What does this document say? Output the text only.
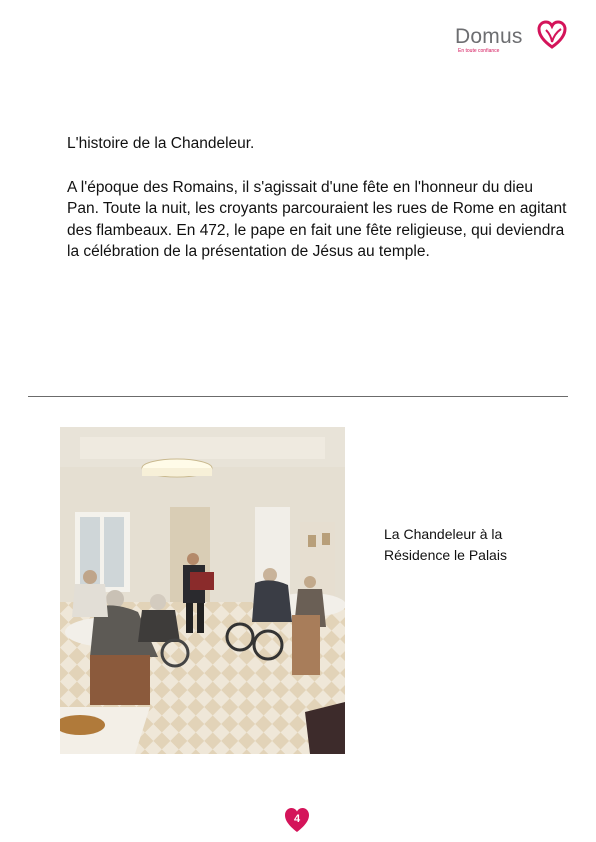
Domus
En toute confiance
L'histoire de la Chandeleur.
A l'époque des Romains, il s'agissait d'une fête en l'honneur du dieu Pan. Toute la nuit, les croyants parcouraient les rues de Rome en agitant des flambeaux. En 472, le pape en fait une fête religieuse, qui deviendra la célébration de la présentation de Jésus au temple.
La Chandeleur à la Résidence le Palais
4
